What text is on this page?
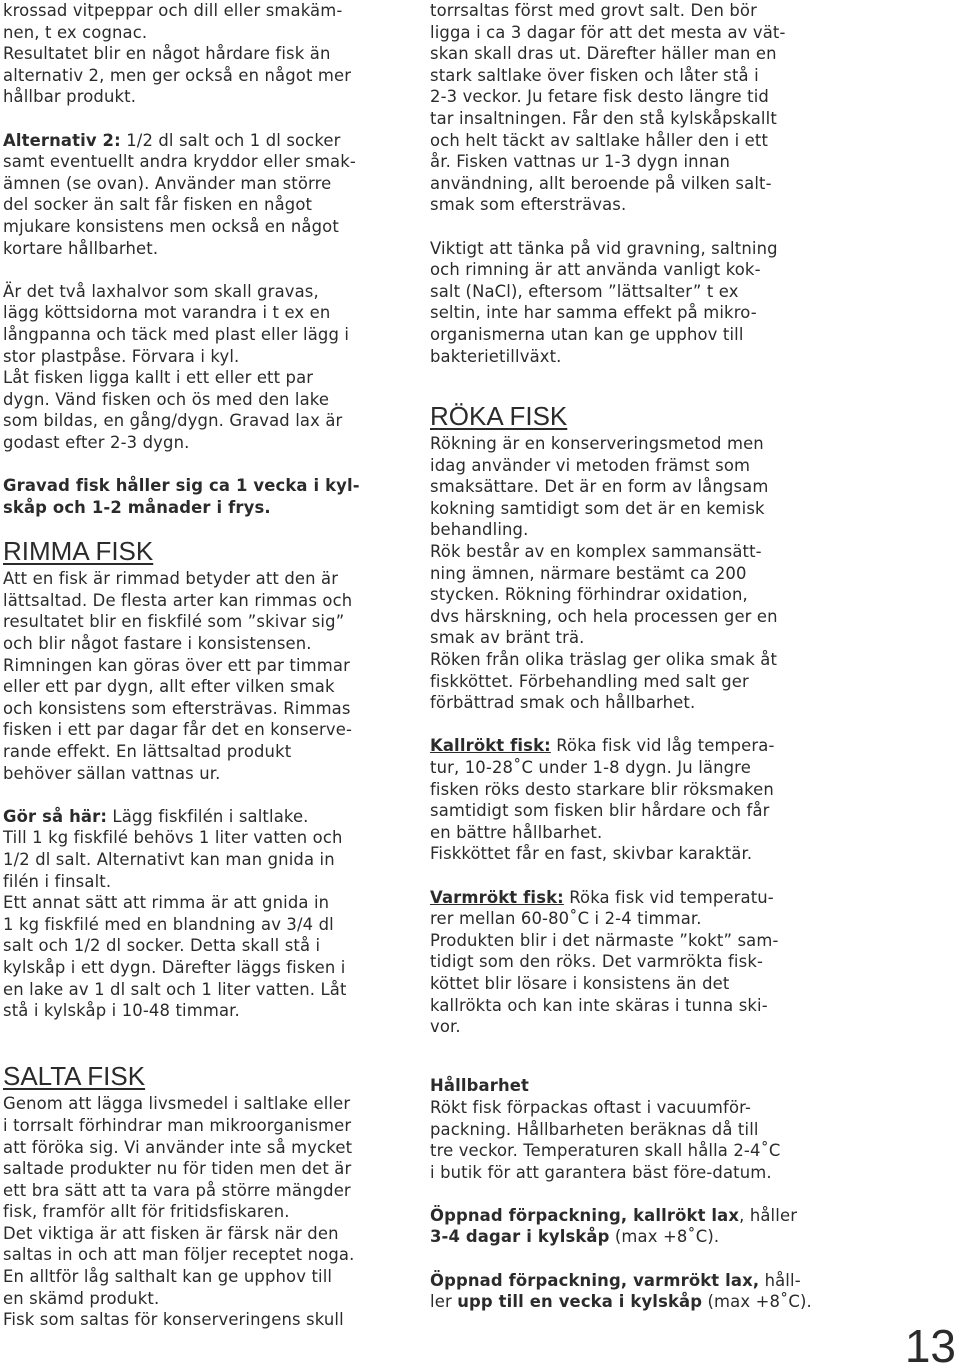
krossad vitpeppar och dill eller smakäm-

nen, t ex cognac.

Resultatet blir en något hårdare fisk än

alternativ 2, men ger också en något mer

hållbar produkt.

Alternativ 2: 1/2 dl salt och 1 dl socker

samt eventuellt andra kryddor eller smak-

ämnen (se ovan). Använder man större

del socker än salt får fisken en något

mjukare konsistens men också en något

kortare hållbarhet.

Är det två laxhalvor som skall gravas,

lägg köttsidorna mot varandra i t ex en

långpanna och täck med plast eller lägg i

stor plastpåse. Förvara i kyl.

Låt fisken ligga kallt i ett eller ett par

dygn. Vänd fisken och ös med den lake

som bildas, en gång/dygn. Gravad lax är

godast efter 2-3 dygn.

Gravad fisk håller sig ca 1 vecka i kyl-

skåp och 1-2 månader i frys.

RIMMA FISK

Att en fisk är rimmad betyder att den är

lättsaltad. De flesta arter kan rimmas och

resultatet blir en fiskfilé som ”skivar sig”

och blir något fastare i konsistensen.

Rimningen kan göras över ett par timmar

eller ett par dygn, allt efter vilken smak

och konsistens som eftersträvas. Rimmas

fisken i ett par dagar får det en konserve-

rande effekt. En lättsaltad produkt

behöver sällan vattnas ur.

Gör så här: Lägg fiskfilén i saltlake.

Till 1 kg fiskfilé behövs 1 liter vatten och

1/2 dl salt. Alternativt kan man gnida in

filén i finsalt.

Ett annat sätt att rimma är att gnida in

1 kg fiskfilé med en blandning av 3/4 dl

salt och 1/2 dl socker. Detta skall stå i

kylskåp i ett dygn. Därefter läggs fisken i

en lake av 1 dl salt och 1 liter vatten. Låt

stå i kylskåp i 10-48 timmar.

SALTA FISK

Genom att lägga livsmedel i saltlake eller

i torrsalt förhindrar man mikroorganismer

att föröka sig. Vi använder inte så mycket

saltade produkter nu för tiden men det är

ett bra sätt att ta vara på större mängder

fisk, framför allt för fritidsfiskaren.

Det viktiga är att fisken är färsk när den

saltas in och att man följer receptet noga.

En alltför låg salthalt kan ge upphov till

en skämd produkt.

Fisk som saltas för konserveringens skull

torrsaltas först med grovt salt. Den bör

ligga i ca 3 dagar för att det mesta av vät-

skan skall dras ut. Därefter häller man en

stark saltlake över fisken och låter stå i

2-3 veckor. Ju fetare fisk desto längre tid

tar insaltningen. Får den stå kylskåpskallt

och helt täckt av saltlake håller den i ett

år. Fisken vattnas ur 1-3 dygn innan

användning, allt beroende på vilken salt-

smak som eftersträvas.

Viktigt att tänka på vid gravning, saltning

och rimning är att använda vanligt kok-

salt (NaCl), eftersom ”lättsalter” t ex

seltin, inte har samma effekt på mikro-

organismerna utan kan ge upphov till

bakterietillväxt.

RÖKA FISK

Rökning är en konserveringsmetod men

idag använder vi metoden främst som

smaksättare. Det är en form av långsam

kokning samtidigt som det är en kemisk

behandling.

Rök består av en komplex sammansätt-

ning ämnen, närmare bestämt ca 200

stycken. Rökning förhindrar oxidation,

dvs härskning, och hela processen ger en

smak av bränt trä.

Röken från olika träslag ger olika smak åt

fiskköttet. Förbehandling med salt ger

förbättrad smak och hållbarhet.

Kallrökt fisk: Röka fisk vid låg tempera-

tur, 10-28˚C under 1-8 dygn. Ju längre

fisken röks desto starkare blir röksmaken

samtidigt som fisken blir hårdare och får

en bättre hållbarhet.

Fiskköttet får en fast, skivbar karaktär.

Varmrökt fisk: Röka fisk vid temperatu-

rer mellan 60-80˚C i 2-4 timmar.

Produkten blir i det närmaste ”kokt” sam-

tidigt som den röks. Det varmrökta fisk-

köttet blir lösare i konsistens än det

kallrökta och kan inte skäras i tunna ski-

vor.

Hållbarhet

Rökt fisk förpackas oftast i vacuumför-

packning. Hållbarheten beräknas då till

tre veckor. Temperaturen skall hålla 2-4˚C

i butik för att garantera bäst före-datum.

Öppnad förpackning, kallrökt lax, håller

3-4 dagar i kylskåp (max +8˚C).

Öppnad förpackning, varmrökt lax, håll-

ler upp till en vecka i kylskåp (max +8˚C).

13
